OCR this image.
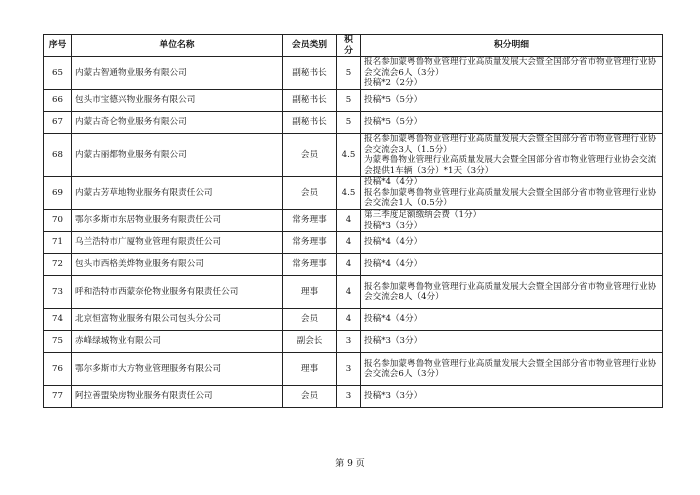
序号	单位名称	会员类别	积分	积分明细
65	内蒙古智通物业服务有限公司	副秘书长	5	报名参加蒙粤鲁物业管理行业高质量发展大会暨全国部分省市物业管理行业协会交流会6人（3分）
投稿*2（2分）
66	包头市宝德兴物业服务有限公司	副秘书长	5	投稿*5（5分）
67	内蒙古奇仑物业服务有限公司	副秘书长	5	投稿*5（5分）
68	内蒙古丽都物业服务有限公司	会员	4.5	报名参加蒙粤鲁物业管理行业高质量发展大会暨全国部分省市物业管理行业协会交流会3人（1.5分）
为蒙粤鲁物业管理行业高质量发展大会暨全国部分省市物业管理行业协会交流会提供1车辆（3分）*1天（3分）
69	内蒙古芳草地物业服务有限责任公司	会员	4.5	投稿*4（4分）
报名参加蒙粤鲁物业管理行业高质量发展大会暨全国部分省市物业管理行业协会交流会1人（0.5分）
70	鄂尔多斯市东居物业服务有限责任公司	常务理事	4	第三季度足额缴纳会费（1分）
投稿*3（3分）
71	乌兰浩特市广厦物业管理有限责任公司	常务理事	4	投稿*4（4分）
72	包头市西格美烨物业服务有限公司	常务理事	4	投稿*4（4分）
73	呼和浩特市西蒙奈伦物业服务有限责任公司	理事	4	报名参加蒙粤鲁物业管理行业高质量发展大会暨全国部分省市物业管理行业协会交流会8人（4分）
74	北京恒富物业服务有限公司包头分公司	会员	4	投稿*4（4分）
75	赤峰绿城物业有限公司	副会长	3	投稿*3（3分）
76	鄂尔多斯市大方物业管理服务有限公司	理事	3	报名参加蒙粤鲁物业管理行业高质量发展大会暨全国部分省市物业管理行业协会交流会6人（3分）
77	阿拉善盟染房物业服务有限责任公司	会员	3	投稿*3（3分）
第 9 页
